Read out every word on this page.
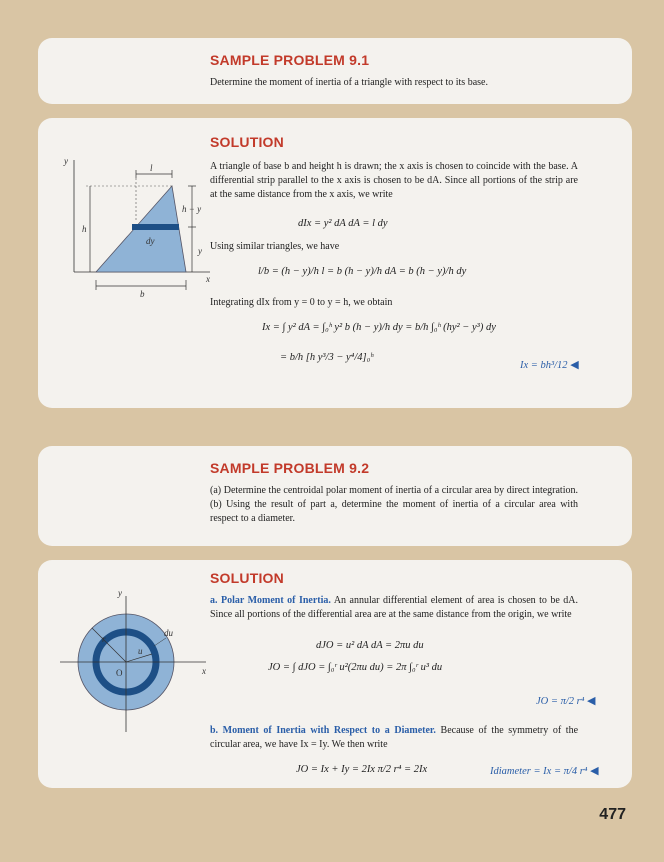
SAMPLE PROBLEM 9.1
Determine the moment of inertia of a triangle with respect to its base.
SOLUTION
A triangle of base b and height h is drawn; the x axis is chosen to coincide with the base. A differential strip parallel to the x axis is chosen to be dA. Since all portions of the strip are at the same distance from the x axis, we write
dIx = y² dA dA = l dy
Using similar triangles, we have
l/b = (h − y)/h l = b (h − y)/h dA = b (h − y)/h dy
Integrating dIx from y = 0 to y = h, we obtain
Ix = ∫ y² dA = ∫₀ʰ y² b (h − y)/h dy = b/h ∫₀ʰ (hy² − y³) dy
= b/h [h y³/3 − y⁴/4]₀ʰ
Ix = bh³/12 ◀
y
x
l
h
b
h − y
y
dy
SAMPLE PROBLEM 9.2
(a) Determine the centroidal polar moment of inertia of a circular area by direct integration. (b) Using the result of part a, determine the moment of inertia of a circular area with respect to a diameter.
SOLUTION
a. Polar Moment of Inertia. An annular differential element of area is chosen to be dA. Since all portions of the differential area are at the same distance from the origin, we write
dJO = u² dA dA = 2πu du
JO = ∫ dJO = ∫₀ʳ u²(2πu du) = 2π ∫₀ʳ u³ du
JO = π/2 r⁴ ◀
b. Moment of Inertia with Respect to a Diameter. Because of the symmetry of the circular area, we have Ix = Iy. We then write
JO = Ix + Iy = 2Ix π/2 r⁴ = 2Ix	Idiameter = Ix = π/4 r⁴ ◀
y
x
O
r
u
du
477
